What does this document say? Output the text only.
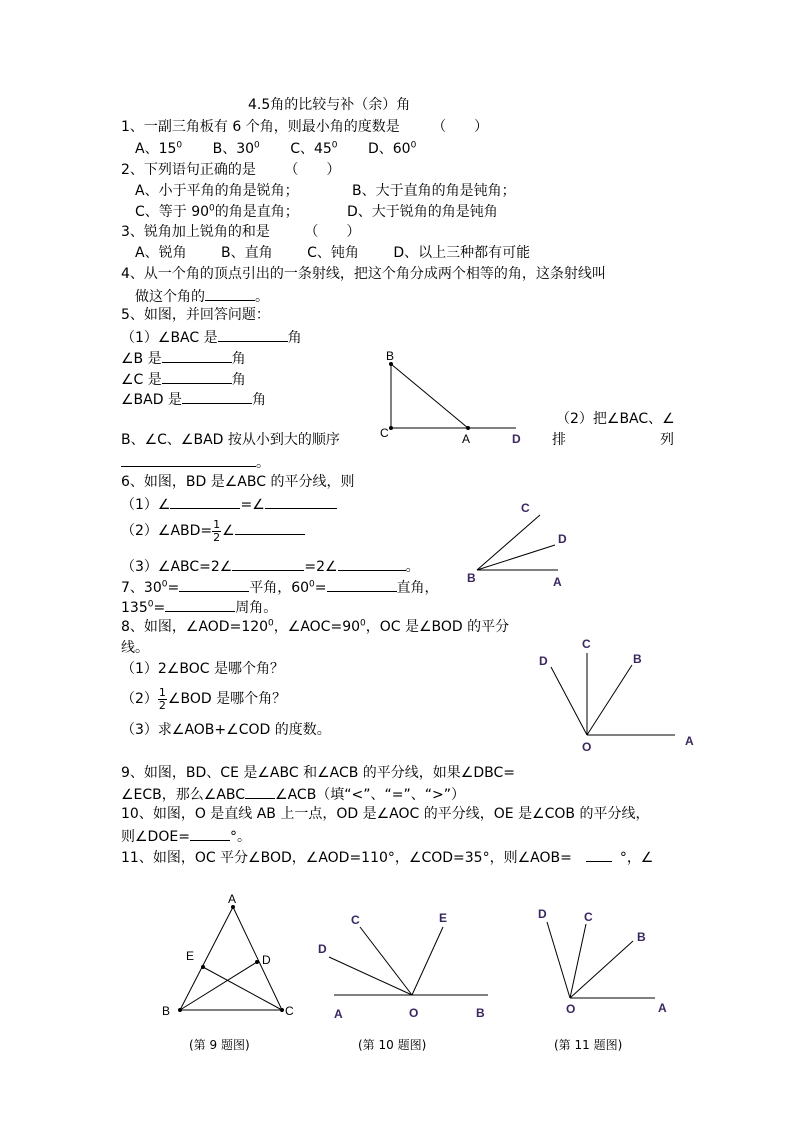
4.5角的比较与补（余）角
1、一副三角板有 6 个角，则最小角的度数是 （　　）
A、$15^0$ B、$30^0$ C、$45^0$ D、$60^0$
2、下列语句正确的是 （　　）
A、小于平角的角是锐角；	B、大于直角的角是钝角；
C、等于 $90^0$的角是直角；	D、大于锐角的角是钝角
3、锐角加上锐角的和是 （　　）
A、锐角 B、直角 C、钝角 D、以上三种都有可能
4、从一个角的顶点引出的一条射线，把这个角分成两个相等的角，这条射线叫
做这个角的	。
5、如图，并回答问题：
（1）∠BAC 是	角
∠B 是	角
∠C 是	角
∠BAD 是	角
（2）把∠BAC、∠
B、∠C、∠BAD 按从小到大的顺序	排	列
。
6、如图，BD 是∠ABC 的平分线，则
（1）∠	=∠
（2）∠ABD= $\frac{1}{2}$ ∠
（3）∠ABC=2∠	=2∠	。
7、$30^0=$	平角，$60^0=$	直角，
$135^0=$	周角。
8、如图，$\angle AOD=120^0$，$\angle AOC=90^0$，OC 是∠BOD 的平分
线。
（1）2∠BOC 是哪个角？
$(2) \frac{1}{2}$ ∠BOD 是哪个角？
（3）求∠AOB+∠COD 的度数。
9、如图，BD、CE 是∠ABC 和∠ACB 的平分线，如果∠DBC=
∠ECB，那么∠ABC ∠ACB（填“<”、“=”、“>”）
10、如图，O 是直线 AB 上一点，OD 是∠AOC 的平分线，OE 是∠COB 的平分线，
则∠DOE=	°。
11、如图，OC 平分∠BOD，∠AOD=110°，∠COD=35°，则∠AOB=	°，∠
B
C	A	D
C
D
B	A
C
D	B
O	A
A
E	D
B	C
C	E
D
A	O	B
D	C
B
O	A
(第 9 题图)	(第 10 题图)	(第 11 题图)
